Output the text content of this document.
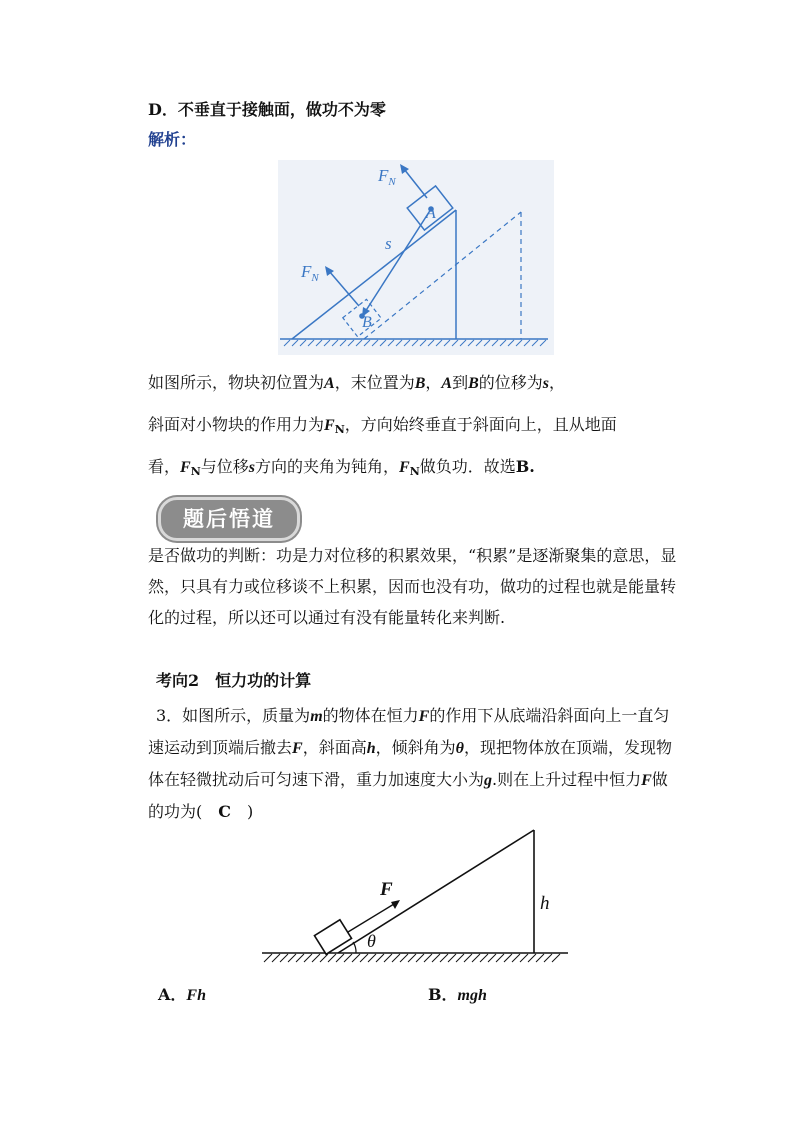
D．不垂直于接触面，做功不为零
解析：
$F_N$
A
s
$F_N$
B
如图所示，物块初位置为A，末位置为B，A到B的位移为s，
斜面对小物块的作用力为$F_N$，方向始终垂直于斜面向上，且从地面
看，$F_N$与位移s方向的夹角为钝角，$F_N$做负功．故选B.
题后悟道
是否做功的判断：功是力对位移的积累效果，“积累”是逐渐聚集的意思，显然，只具有力或位移谈不上积累，因而也没有功，做功的过程也就是能量转化的过程，所以还可以通过有没有能量转化来判断.
考向2　 恒力功的计算
3．如图所示，质量为m的物体在恒力F的作用下从底端沿斜面向上一直匀速运动到顶端后撤去F，斜面高h，倾斜角为θ，现把物体放在顶端，发现物体在轻微扰动后可匀速下滑，重力加速度大小为g.则在上升过程中恒力F做的功为(　C　)
F
h
θ
A．Fh	B．mgh
